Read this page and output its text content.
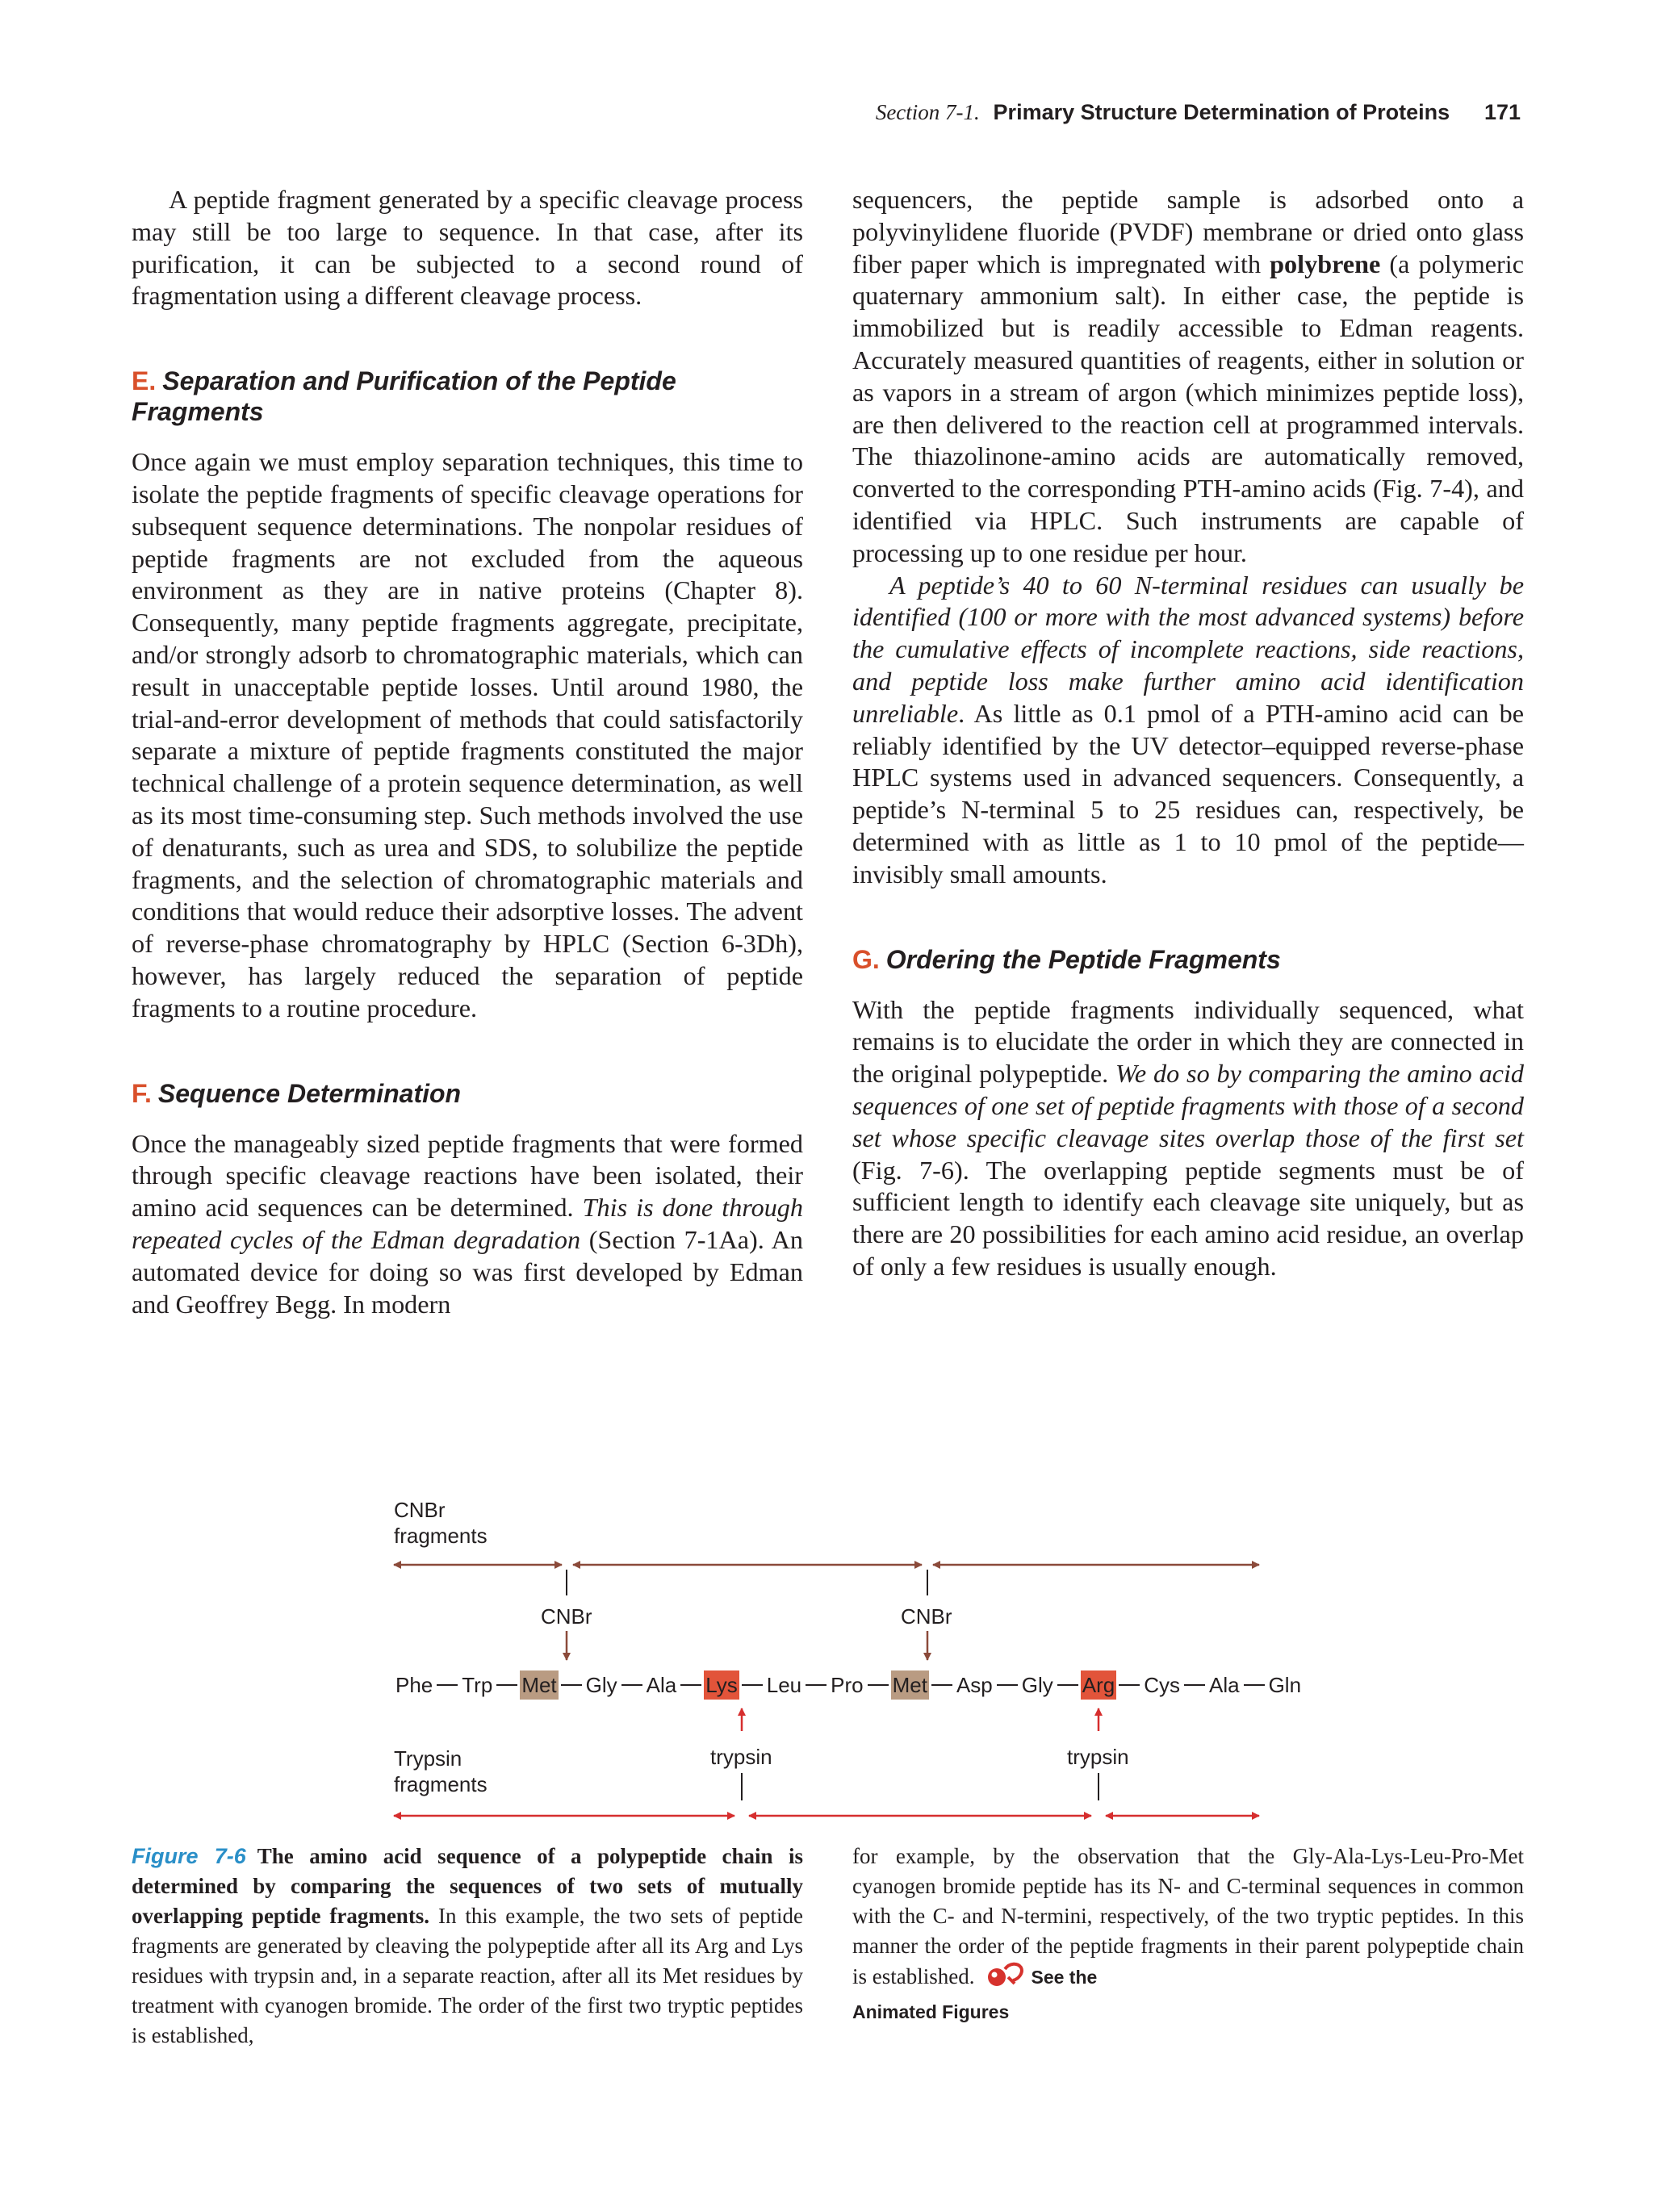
Section 7-1. Primary Structure Determination of Proteins 171

A peptide fragment generated by a specific cleavage process may still be too large to sequence. In that case, after its purification, it can be subjected to a second round of fragmentation using a different cleavage process.

E. Separation and Purification of the Peptide Fragments

Once again we must employ separation techniques, this time to isolate the peptide fragments of specific cleavage operations for subsequent sequence determinations. The nonpolar residues of peptide fragments are not excluded from the aqueous environment as they are in native proteins (Chapter 8). Consequently, many peptide fragments aggregate, precipitate, and/or strongly adsorb to chromatographic materials, which can result in unacceptable peptide losses. Until around 1980, the trial-and-error development of methods that could satisfactorily separate a mixture of peptide fragments constituted the major technical challenge of a protein sequence determination, as well as its most time-consuming step. Such methods involved the use of denaturants, such as urea and SDS, to solubilize the peptide fragments, and the selection of chromatographic materials and conditions that would reduce their adsorptive losses. The advent of reverse-phase chromatography by HPLC (Section 6-3Dh), however, has largely reduced the separation of peptide fragments to a routine procedure.

F. Sequence Determination

Once the manageably sized peptide fragments that were formed through specific cleavage reactions have been isolated, their amino acid sequences can be determined. This is done through repeated cycles of the Edman degradation (Section 7-1Aa). An automated device for doing so was first developed by Edman and Geoffrey Begg. In modern

sequencers, the peptide sample is adsorbed onto a polyvinylidene fluoride (PVDF) membrane or dried onto glass fiber paper which is impregnated with polybrene (a polymeric quaternary ammonium salt). In either case, the peptide is immobilized but is readily accessible to Edman reagents. Accurately measured quantities of reagents, either in solution or as vapors in a stream of argon (which minimizes peptide loss), are then delivered to the reaction cell at programmed intervals. The thiazolinone-amino acids are automatically removed, converted to the corresponding PTH-amino acids (Fig. 7-4), and identified via HPLC. Such instruments are capable of processing up to one residue per hour.

A peptide’s 40 to 60 N-terminal residues can usually be identified (100 or more with the most advanced systems) before the cumulative effects of incomplete reactions, side reactions, and peptide loss make further amino acid identification unreliable. As little as 0.1 pmol of a PTH-amino acid can be reliably identified by the UV detector–equipped reverse-phase HPLC systems used in advanced sequencers. Consequently, a peptide’s N-terminal 5 to 25 residues can, respectively, be determined with as little as 1 to 10 pmol of the peptide—invisibly small amounts.

G. Ordering the Peptide Fragments

With the peptide fragments individually sequenced, what remains is to elucidate the order in which they are connected in the original polypeptide. We do so by comparing the amino acid sequences of one set of peptide fragments with those of a second set whose specific cleavage sites overlap those of the first set (Fig. 7-6). The overlapping peptide segments must be of sufficient length to identify each cleavage site uniquely, but as there are 20 possibilities for each amino acid residue, an overlap of only a few residues is usually enough.

CNBr
fragments
CNBr	CNBr
Phe Trp Met Gly Ala Lys Leu Pro Met Asp Gly Arg Cys Ala Gln
trypsin	trypsin
Trypsin
fragments
Figure 7-6 The amino acid sequence of a polypeptide chain is determined by comparing the sequences of two sets of mutually overlapping peptide fragments. In this example, the two sets of peptide fragments are generated by cleaving the polypeptide after all its Arg and Lys residues with trypsin and, in a separate reaction, after all its Met residues by treatment with cyanogen bromide. The order of the first two tryptic peptides is established,
for example, by the observation that the Gly-Ala-Lys-Leu-Pro-Met cyanogen bromide peptide has its N- and C-terminal sequences in common with the C- and N-termini, respectively, of the two tryptic peptides. In this manner the order of the peptide fragments in their parent polypeptide chain is established.	See the
Animated Figures
